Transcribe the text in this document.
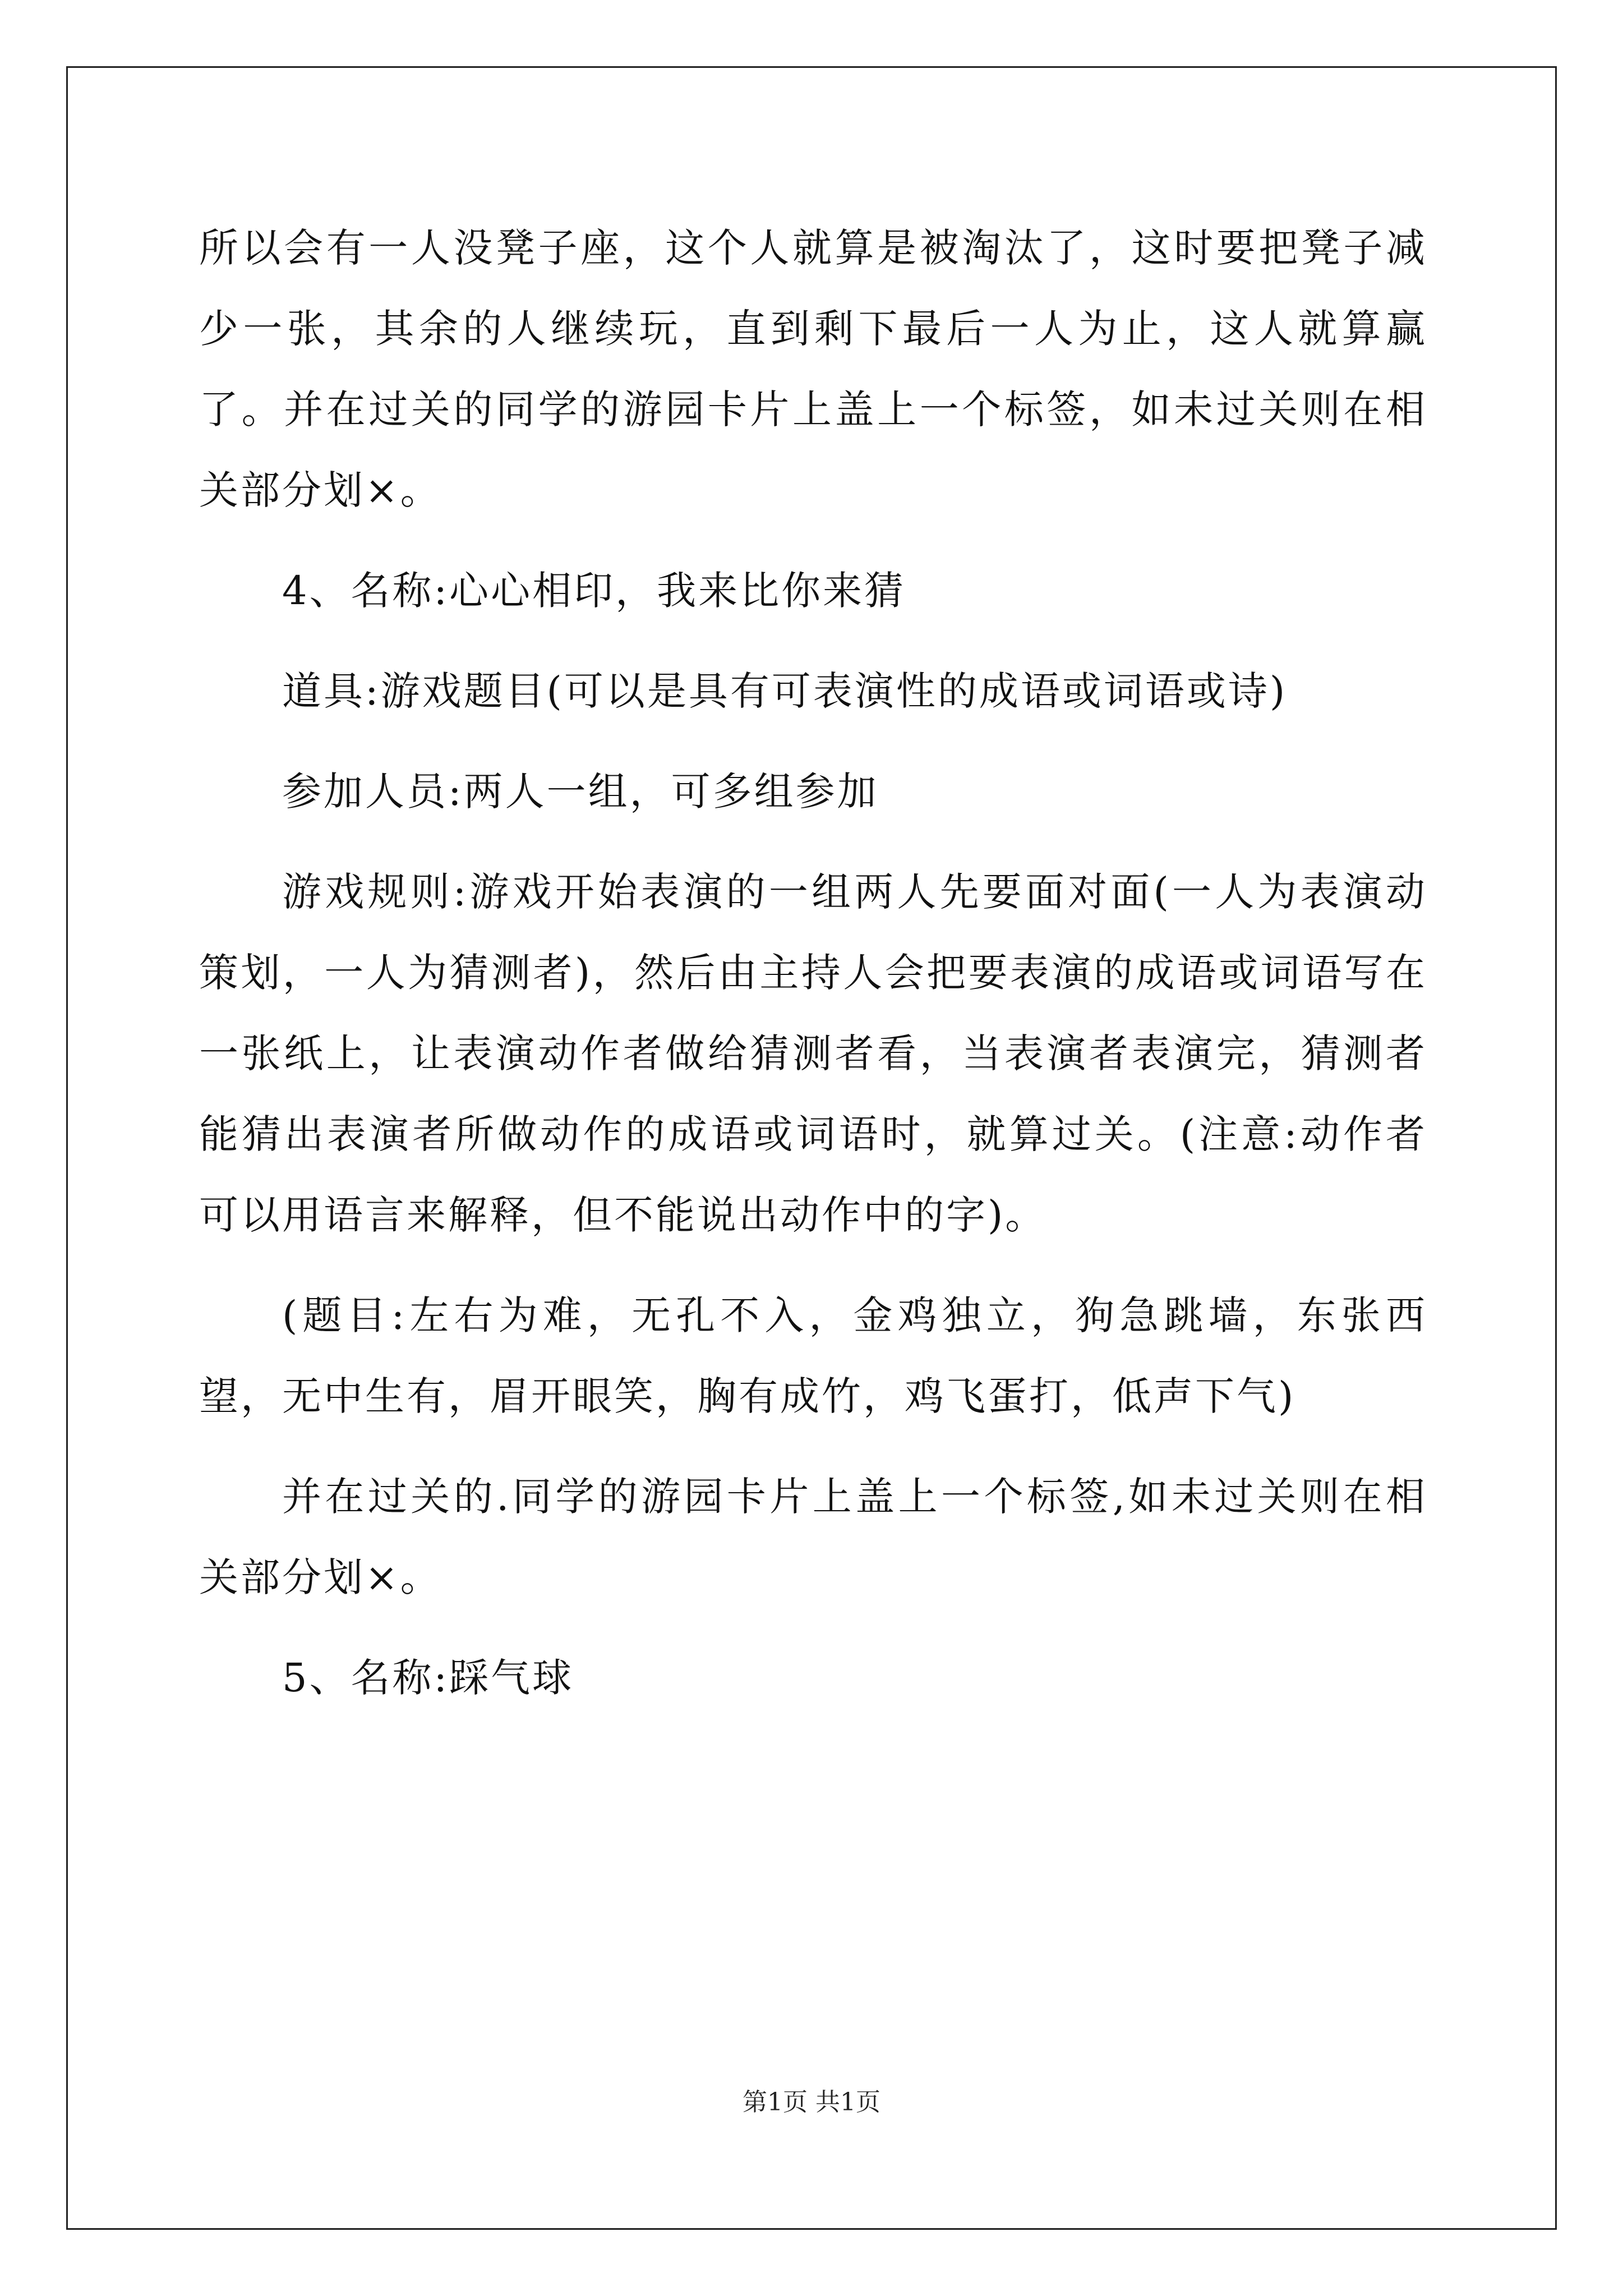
所以会有一人没凳子座，这个人就算是被淘汰了，这时要把凳子减少一张，其余的人继续玩，直到剩下最后一人为止，这人就算赢了。并在过关的同学的游园卡片上盖上一个标签，如未过关则在相关部分划×。

4、名称:心心相印，我来比你来猜

道具:游戏题目(可以是具有可表演性的成语或词语或诗)

参加人员:两人一组，可多组参加

游戏规则:游戏开始表演的一组两人先要面对面(一人为表演动策划，一人为猜测者)，然后由主持人会把要表演的成语或词语写在一张纸上，让表演动作者做给猜测者看，当表演者表演完，猜测者能猜出表演者所做动作的成语或词语时，就算过关。(注意:动作者可以用语言来解释，但不能说出动作中的字)。

(题目:左右为难，无孔不入，金鸡独立，狗急跳墙，东张西望，无中生有，眉开眼笑，胸有成竹，鸡飞蛋打，低声下气)

并在过关的.同学的游园卡片上盖上一个标签,如未过关则在相关部分划×。

5、名称:踩气球

第1页 共1页
